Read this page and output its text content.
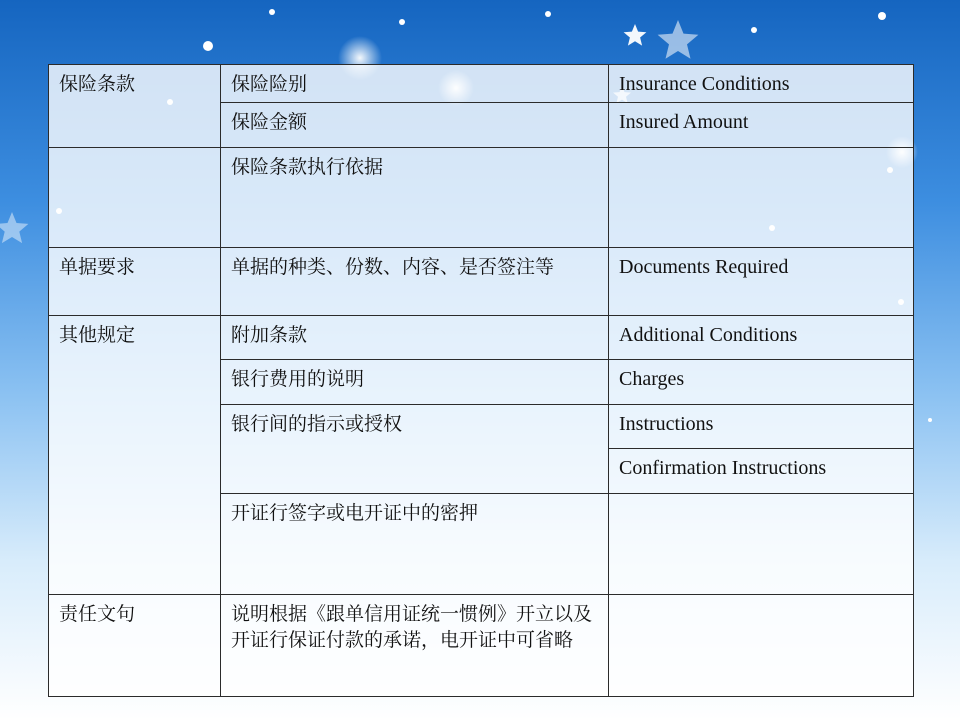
保险条款	保险险别	Insurance Conditions
	保险金额	Insured Amount
	保险条款执行依据	
单据要求	单据的种类、份数、内容、是否签注等	Documents Required
其他规定	附加条款	Additional Conditions
	银行费用的说明	Charges
	银行间的指示或授权	Instructions
		Confirmation Instructions
	开证行签字或电开证中的密押	
责任文句	说明根据《跟单信用证统一惯例》开立以及开证行保证付款的承诺，电开证中可省略	
